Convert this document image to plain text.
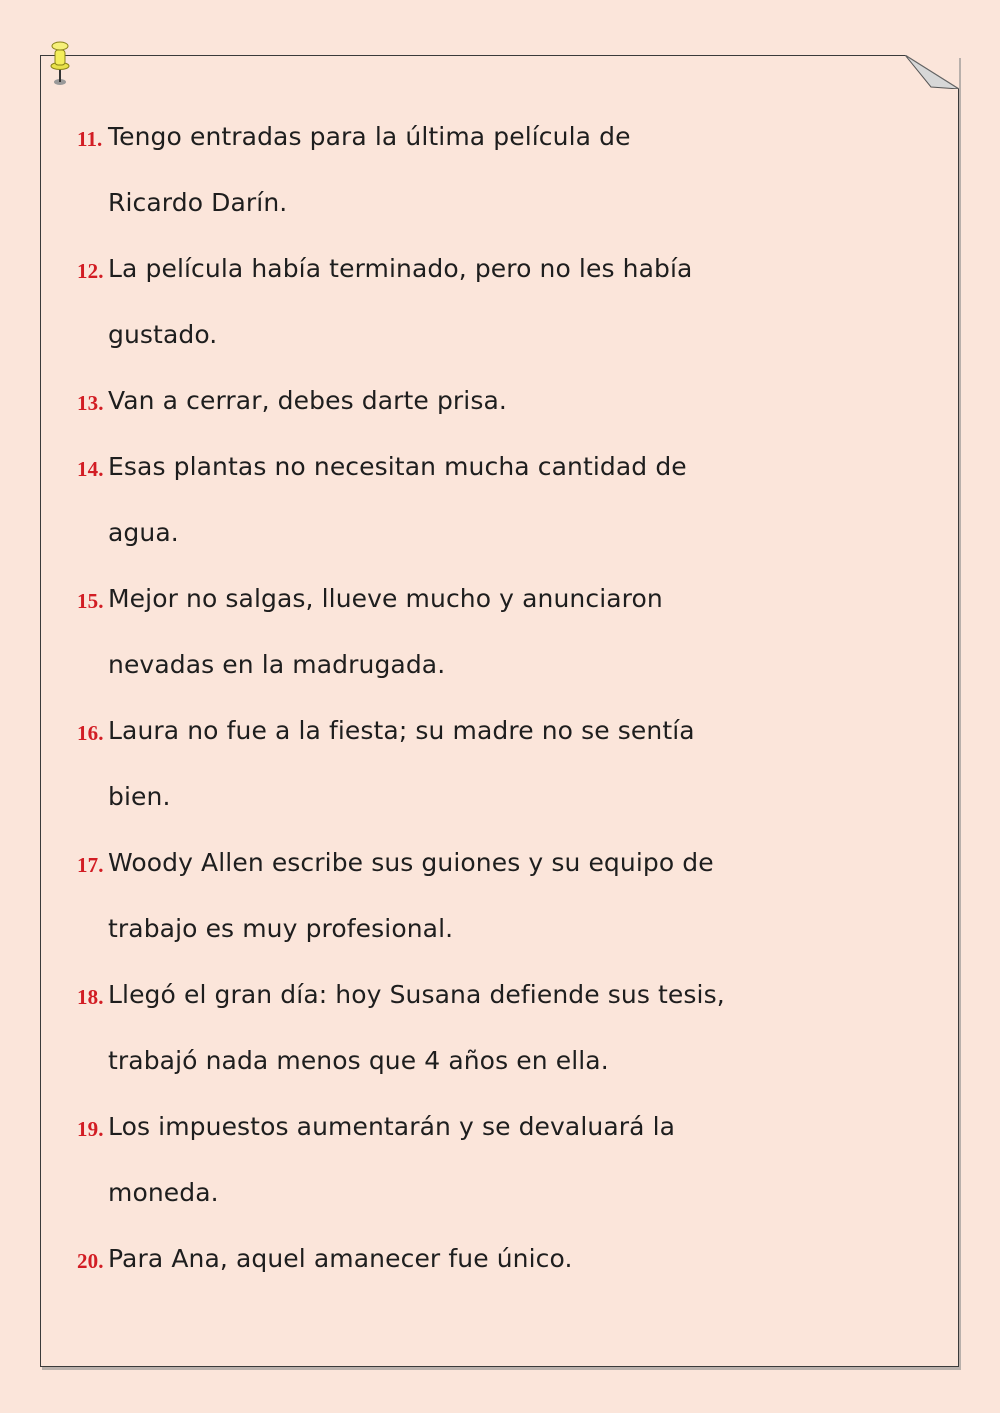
11. Tengo entradas para la última película de
Ricardo Darín.
12. La película había terminado, pero no les había
gustado.
13. Van a cerrar, debes darte prisa.
14. Esas plantas no necesitan mucha cantidad de
agua.
15. Mejor no salgas, llueve mucho y anunciaron
nevadas en la madrugada.
16. Laura no fue a la fiesta; su madre no se sentía
bien.
17. Woody Allen escribe sus guiones y su equipo de
trabajo es muy profesional.
18. Llegó el gran día: hoy Susana defiende sus tesis,
trabajó nada menos que 4 años en ella.
19. Los impuestos aumentarán y se devaluará la
moneda.
20. Para Ana, aquel amanecer fue único.
